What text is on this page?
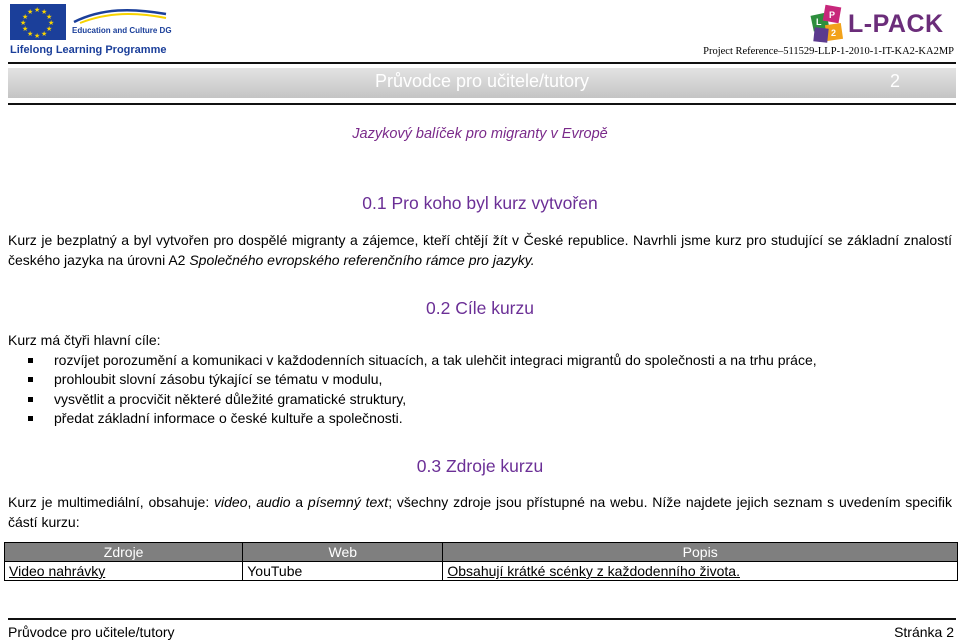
★ ★
★
★
★
★
★
★
★
★
★
★
Education and Culture DG
Lifelong Learning Programme
P
L
2 L-PACK
Project Reference–511529-LLP-1-2010-1-IT-KA2-KA2MP
Průvodce pro učitele/tutory	2
Jazykový balíček pro migranty v Evropě
0.1 Pro koho byl kurz vytvořen
Kurz je bezplatný a byl vytvořen pro dospělé migranty a zájemce, kteří chtějí žít v České republice. Navrhli jsme kurz pro studující se základní znalostí českého jazyka na úrovni A2 Společného evropského referenčního rámce pro jazyky.
0.2 Cíle kurzu
Kurz má čtyři hlavní cíle:
rozvíjet porozumění a komunikaci v každodenních situacích, a tak ulehčit integraci migrantů do společnosti a na trhu práce,
prohloubit slovní zásobu týkající se tématu v modulu,
vysvětlit a procvičit některé důležité gramatické struktury,
předat základní informace o české kultuře a společnosti.
0.3 Zdroje kurzu
Kurz je multimediální, obsahuje: video, audio a písemný text; všechny zdroje jsou přístupné na webu. Níže najdete jejich seznam s uvedením specifik částí kurzu:
Zdroje	Web	Popis
Video nahrávky	YouTube	Obsahují krátké scénky z každodenního života.
Průvodce pro učitele/tutory	Stránka 2
